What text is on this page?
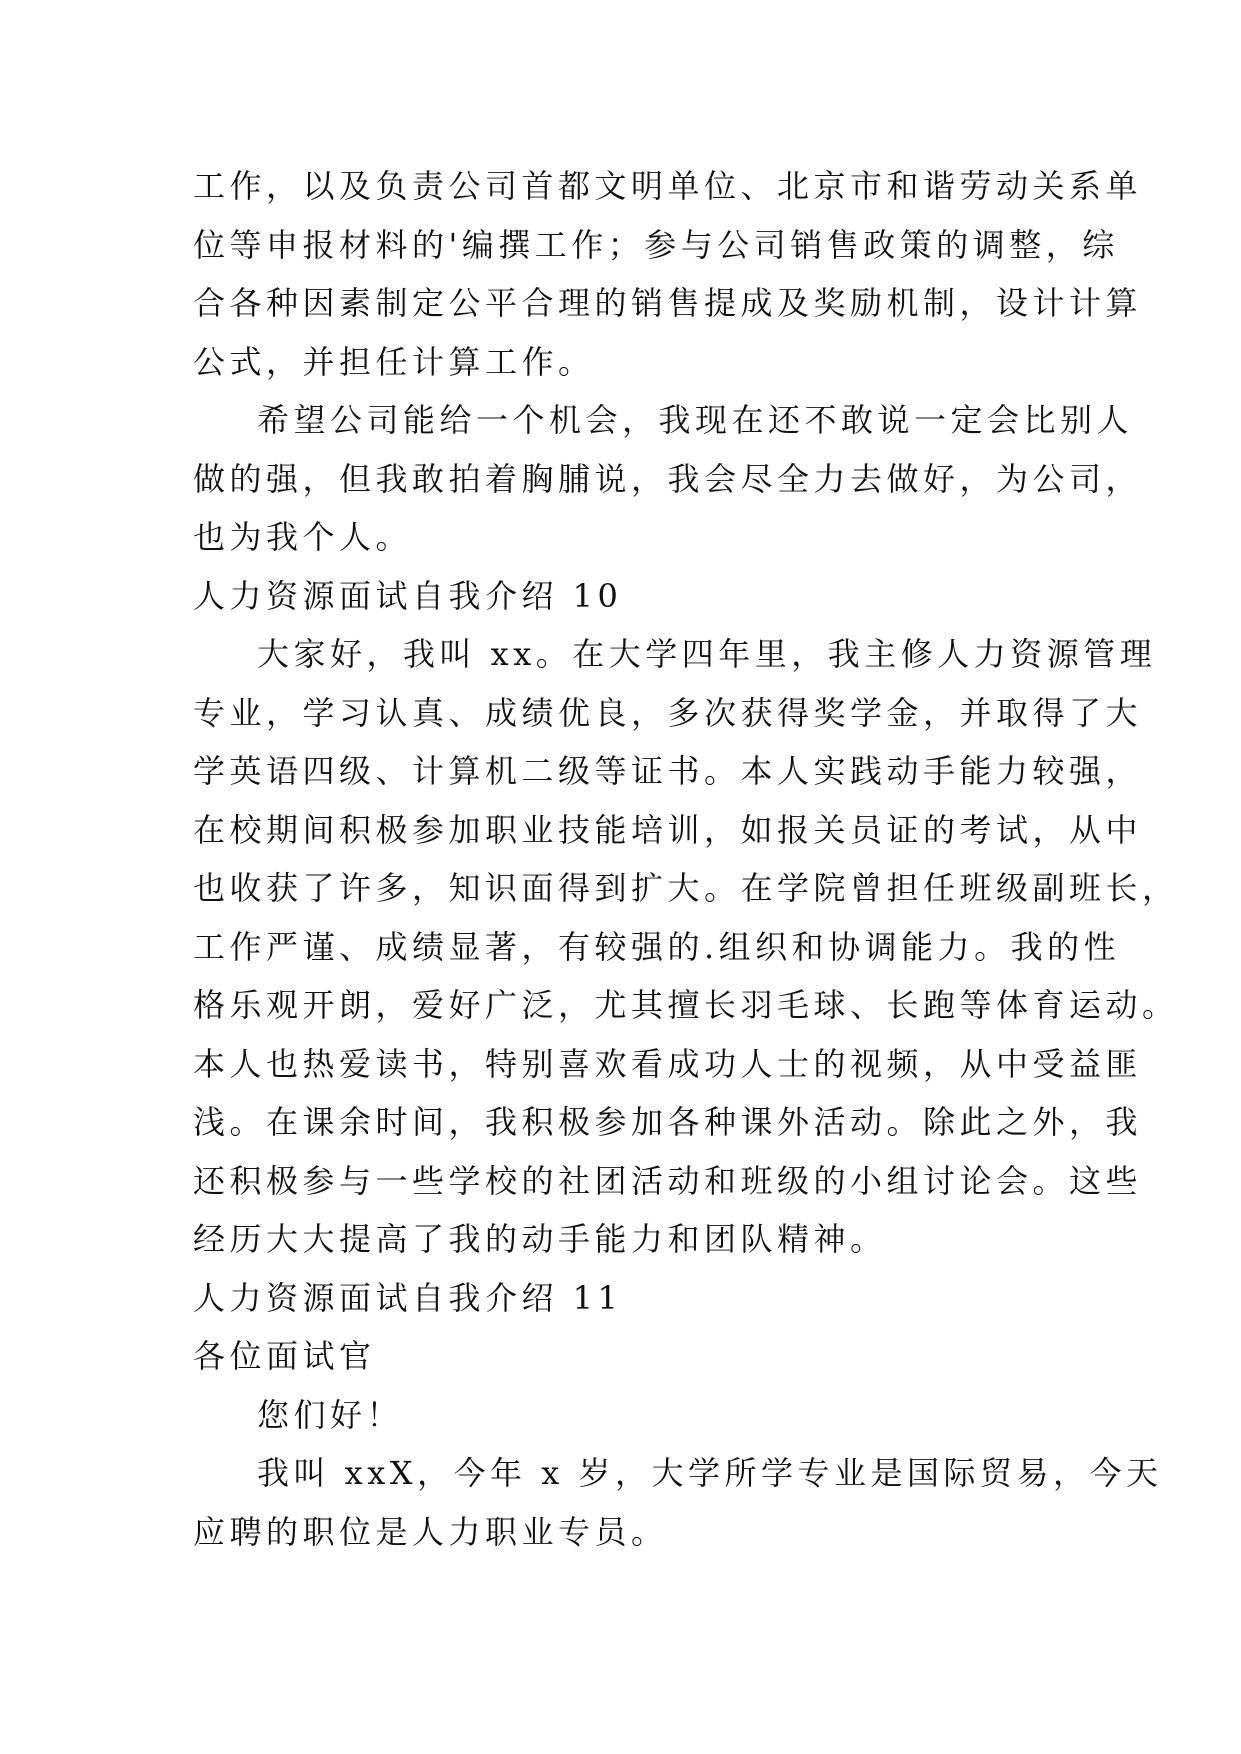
工作，以及负责公司首都文明单位、北京市和谐劳动关系单
位等申报材料的'编撰工作；参与公司销售政策的调整，综
合各种因素制定公平合理的销售提成及奖励机制，设计计算
公式，并担任计算工作。
希望公司能给一个机会，我现在还不敢说一定会比别人
做的强，但我敢拍着胸脯说，我会尽全力去做好，为公司，
也为我个人。
人力资源面试自我介绍 10
大家好，我叫 xx。在大学四年里，我主修人力资源管理
专业，学习认真、成绩优良，多次获得奖学金，并取得了大
学英语四级、计算机二级等证书。本人实践动手能力较强，
在校期间积极参加职业技能培训，如报关员证的考试，从中
也收获了许多，知识面得到扩大。在学院曾担任班级副班长，
工作严谨、成绩显著，有较强的.组织和协调能力。我的性
格乐观开朗，爱好广泛，尤其擅长羽毛球、长跑等体育运动。
本人也热爱读书，特别喜欢看成功人士的视频，从中受益匪
浅。在课余时间，我积极参加各种课外活动。除此之外，我
还积极参与一些学校的社团活动和班级的小组讨论会。这些
经历大大提高了我的动手能力和团队精神。
人力资源面试自我介绍 11
各位面试官
您们好！
我叫 xxX，今年 x 岁，大学所学专业是国际贸易，今天
应聘的职位是人力职业专员。
